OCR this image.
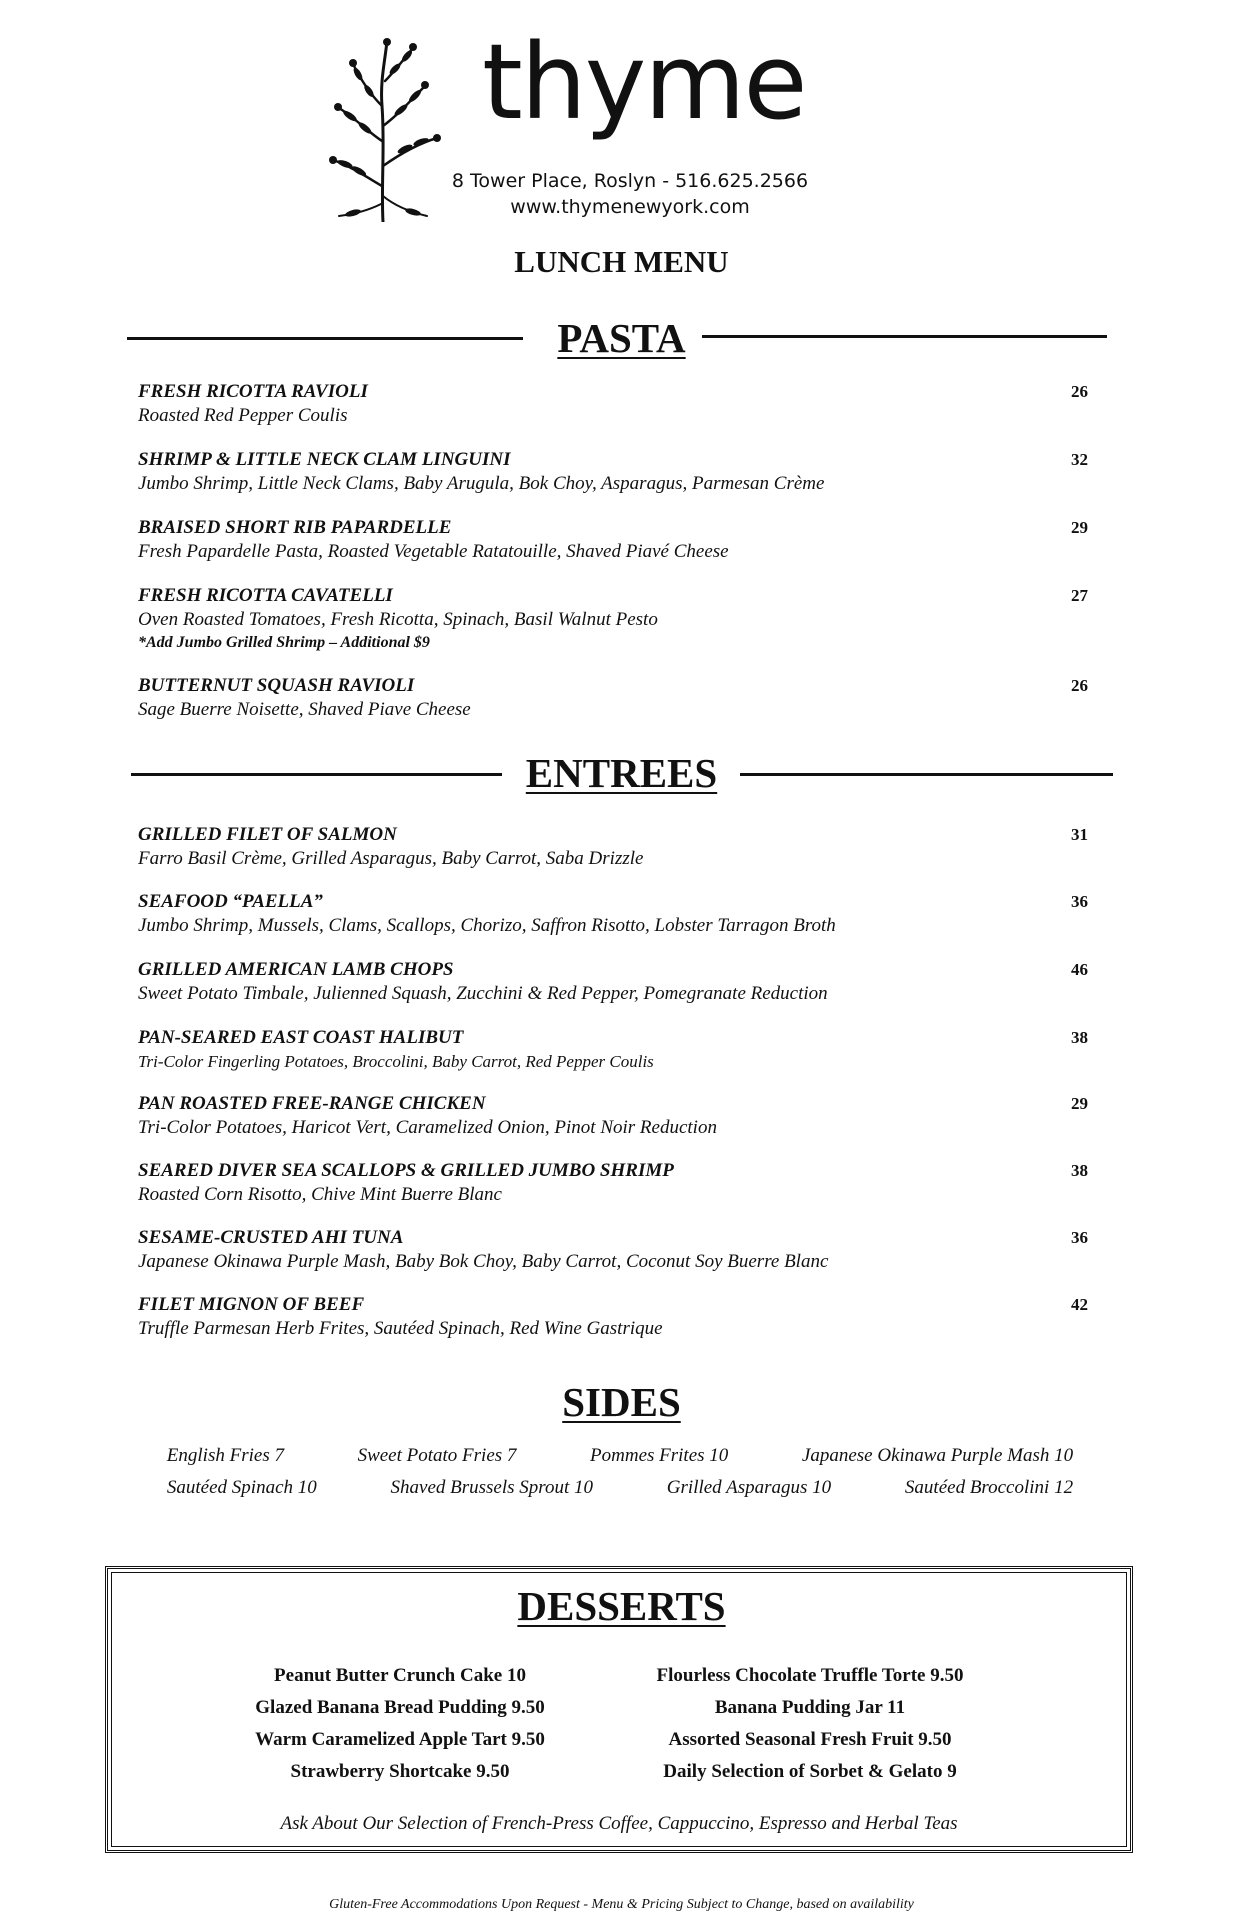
thyme
8 Tower Place, Roslyn - 516.625.2566
www.thymenewyork.com
LUNCH MENU
PASTA
FRESH RICOTTA RAVIOLI
Roasted Red Pepper Coulis
26
SHRIMP & LITTLE NECK CLAM LINGUINI
Jumbo Shrimp, Little Neck Clams, Baby Arugula, Bok Choy, Asparagus, Parmesan Crème
32
BRAISED SHORT RIB PAPARDELLE
Fresh Papardelle Pasta, Roasted Vegetable Ratatouille, Shaved Piavé Cheese
29
FRESH RICOTTA CAVATELLI
Oven Roasted Tomatoes, Fresh Ricotta, Spinach, Basil Walnut Pesto
*Add Jumbo Grilled Shrimp – Additional $9
27
BUTTERNUT SQUASH RAVIOLI
Sage Buerre Noisette, Shaved Piave Cheese
26
ENTREES
GRILLED FILET OF SALMON
Farro Basil Crème, Grilled Asparagus, Baby Carrot, Saba Drizzle
31
SEAFOOD “PAELLA”
Jumbo Shrimp, Mussels, Clams, Scallops, Chorizo, Saffron Risotto, Lobster Tarragon Broth
36
GRILLED AMERICAN LAMB CHOPS
Sweet Potato Timbale, Julienned Squash, Zucchini & Red Pepper, Pomegranate Reduction
46
PAN-SEARED EAST COAST HALIBUT
Tri-Color Fingerling Potatoes, Broccolini, Baby Carrot, Red Pepper Coulis
38
PAN ROASTED FREE-RANGE CHICKEN
Tri-Color Potatoes, Haricot Vert, Caramelized Onion, Pinot Noir Reduction
29
SEARED DIVER SEA SCALLOPS & GRILLED JUMBO SHRIMP
Roasted Corn Risotto, Chive Mint Buerre Blanc
38
SESAME-CRUSTED AHI TUNA
Japanese Okinawa Purple Mash, Baby Bok Choy, Baby Carrot, Coconut Soy Buerre Blanc
36
FILET MIGNON OF BEEF
Truffle Parmesan Herb Frites, Sautéed Spinach, Red Wine Gastrique
42
SIDES
English Fries 7	Sweet Potato Fries 7	Pommes Frites 10	Japanese Okinawa Purple Mash 10
Sautéed Spinach 10	Shaved Brussels Sprout 10	Grilled Asparagus 10	Sautéed Broccolini 12
DESSERTS
Peanut Butter Crunch Cake 10
Glazed Banana Bread Pudding 9.50
Warm Caramelized Apple Tart 9.50
Strawberry Shortcake 9.50
Flourless Chocolate Truffle Torte 9.50
Banana Pudding Jar 11
Assorted Seasonal Fresh Fruit 9.50
Daily Selection of Sorbet & Gelato 9
Ask About Our Selection of French-Press Coffee, Cappuccino, Espresso and Herbal Teas
Gluten-Free Accommodations Upon Request - Menu & Pricing Subject to Change, based on availability
